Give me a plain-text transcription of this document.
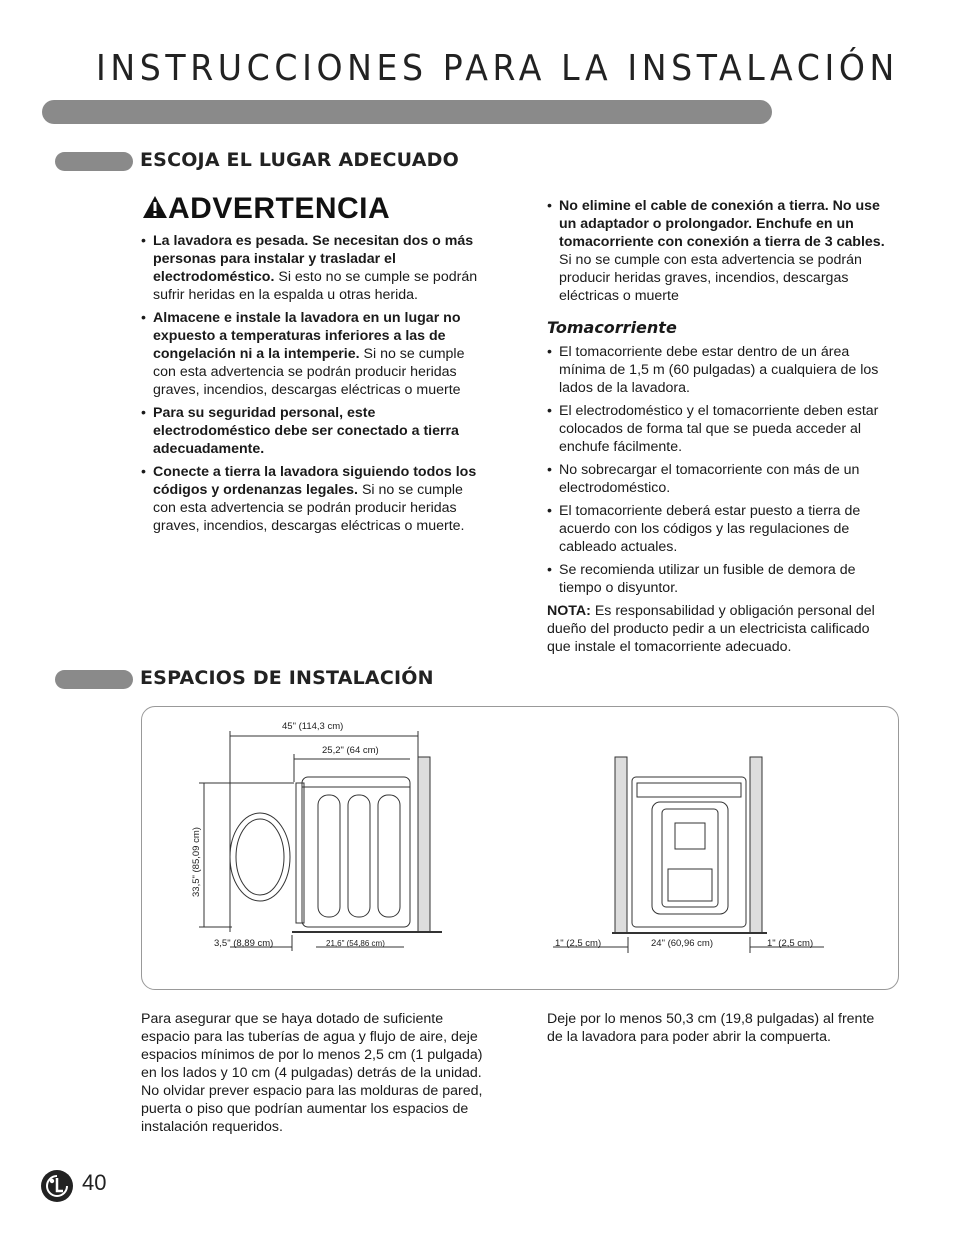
INSTRUCCIONES PARA LA INSTALACIÓN
ESCOJA EL LUGAR ADECUADO
ADVERTENCIA
• La lavadora es pesada. Se necesitan dos o más personas para instalar y trasladar el electrodoméstico. Si esto no se cumple se podrán sufrir heridas en la espalda u otras herida.
• Almacene e instale la lavadora en un lugar no expuesto a temperaturas inferiores a las de congelación ni a la intemperie. Si no se cumple con esta advertencia se podrán producir heridas graves, incendios, descargas eléctricas o muerte
• Para su seguridad personal, este electrodoméstico debe ser conectado a tierra adecuadamente.
• Conecte a tierra la lavadora siguiendo todos los códigos y ordenanzas legales. Si no se cumple con esta advertencia se podrán producir heridas graves, incendios, descargas eléctricas o muerte.
• No elimine el cable de conexión a tierra. No use un adaptador o prolongador. Enchufe en un tomacorriente con conexión a tierra de 3 cables. Si no se cumple con esta advertencia se podrán producir heridas graves, incendios, descargas eléctricas o muerte
Tomacorriente
• El tomacorriente debe estar dentro de un área mínima de 1,5 m (60 pulgadas) a cualquiera de los lados de la lavadora.
• El electrodoméstico y el tomacorriente deben estar colocados de forma tal que se pueda acceder al enchufe fácilmente.
• No sobrecargar el tomacorriente con más de un electrodoméstico.
• El tomacorriente deberá estar puesto a tierra de acuerdo con los códigos y las regulaciones de cableado actuales.
• Se recomienda utilizar un fusible de demora de tiempo o disyuntor.
NOTA: Es responsabilidad y obligación personal del dueño del producto pedir a un electricista calificado que instale el tomacorriente adecuado.
ESPACIOS DE INSTALACIÓN
45" (114,3 cm)
25,2" (64 cm)
33,5" (85,09 cm)
3,5" (8,89 cm)	21,6" (54,86 cm)	1" (2,5 cm)	24" (60,96 cm)	1" (2,5 cm)
Para asegurar que se haya dotado de suficiente espacio para las tuberías de agua y flujo de aire, deje espacios mínimos de por lo menos 2,5 cm (1 pulgada) en los lados y 10 cm (4 pulgadas) detrás de la unidad. No olvidar prever espacio para las molduras de pared, puerta o piso que podrían aumentar los espacios de instalación requeridos.
Deje por lo menos 50,3 cm (19,8 pulgadas) al frente de la lavadora para poder abrir la compuerta.
40
